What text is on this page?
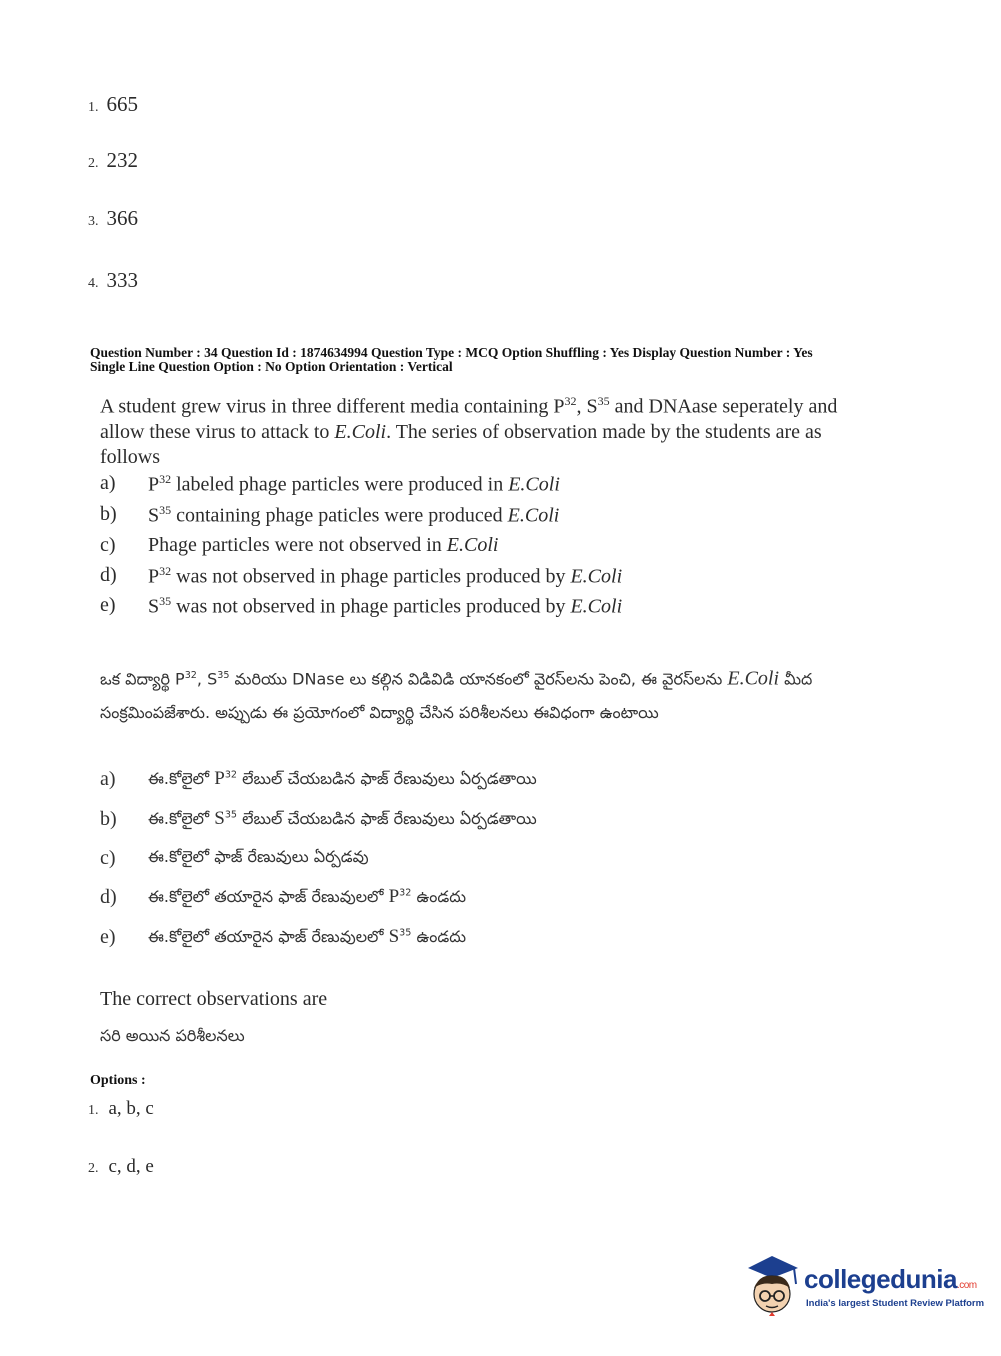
1. 665
2. 232
3. 366
4. 333
Question Number : 34 Question Id : 1874634994 Question Type : MCQ Option Shuffling : Yes Display Question Number : Yes
Single Line Question Option : No Option Orientation : Vertical
A student grew virus in three different media containing $P^{32}$, $S^{35}$ and DNAase seperately and allow these virus to attack to E.Coli. The series of observation made by the students are as follows
a) $P^{32}$ labeled phage particles were produced in E.Coli
b) $S^{35}$ containing phage paticles were produced E.Coli
c) Phage particles were not observed in E.Coli
d) $P^{32}$ was not observed in phage particles produced by E.Coli
e) $S^{35}$ was not observed in phage particles produced by E.Coli
ఒక విద్యార్థి $P^{32}$, $S^{35}$ మరియు DNase లు కల్గిన విడివిడి యానకంలో వైరస్‌లను పెంచి, ఈ వైరస్‌లను E.Coli మీద సంక్రమింపజేశారు. అప్పుడు ఈ ప్రయోగంలో విద్యార్థి చేసిన పరిశీలనలు ఈవిధంగా ఉంటాయి
a) ఈ.కోలైలో $P^{32}$ లేబుల్ చేయబడిన ఫాజ్ రేణువులు ఏర్పడతాయి
b) ఈ.కోలైలో $S^{35}$ లేబుల్ చేయబడిన ఫాజ్ రేణువులు ఏర్పడతాయి
c) ఈ.కోలైలో ఫాజ్ రేణువులు ఏర్పడవు
d) ఈ.కోలైలో తయారైన ఫాజ్ రేణువులలో $P^{32}$ ఉండదు
e) ఈ.కోలైలో తయారైన ఫాజ్ రేణువులలో $S^{35}$ ఉండదు
The correct observations are
సరి అయిన పరిశీలనలు
Options :
1. a, b, c
2. c, d, e
collegedunia.com
India's largest Student Review Platform
